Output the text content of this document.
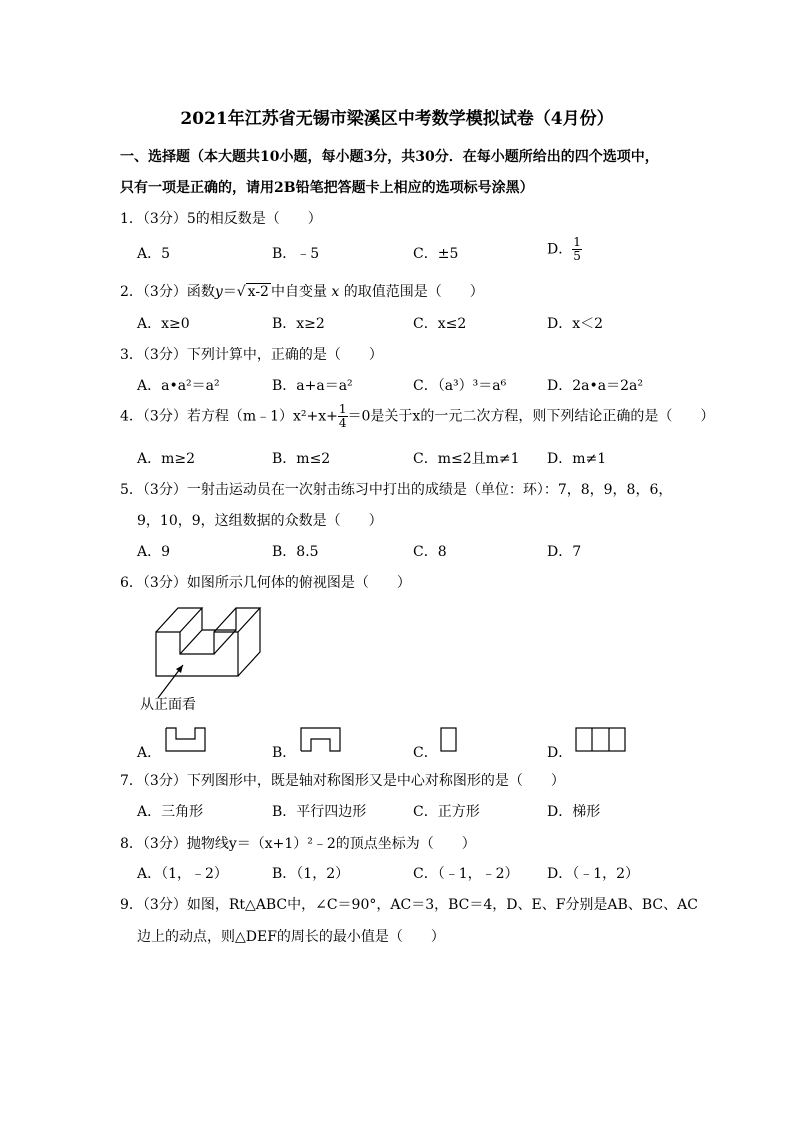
2021年江苏省无锡市梁溪区中考数学模拟试卷（4月份）
一、选择题（本大题共10小题，每小题3分，共30分．在每小题所给出的四个选项中，
只有一项是正确的，请用2B铅笔把答题卡上相应的选项标号涂黑）
1．（3分）5的相反数是（　　）
A．5	B．﹣5	C．±5	D． $\frac{1}{5}$
2．（3分）函数y＝√ x-2 中自变量 x 的取值范围是（　　）
A．x≥0	B．x≥2	C．x≤2	D．x＜2
3．（3分）下列计算中，正确的是（　　）
A．a•a²＝a²	B．a+a＝a²	C．（a³）³＝a⁶	D．2a•a＝2a²
4．（3分）若方程（m﹣1）x²+x+ $\frac{1}{4} =0$是关于x的一元二次方程，则下列结论正确的是（　　）
A．m≥2	B．m≤2	C．m≤2且m≠1 D．m≠1
5．（3分）一射击运动员在一次射击练习中打出的成绩是（单位：环）：7，8，9，8，6，
9，10，9，这组数据的众数是（　　）
A．9	B．8.5	C．8	D．7
6．（3分）如图所示几何体的俯视图是（　　）
从正面看
A．	B．	C．	D．
7．（3分）下列图形中，既是轴对称图形又是中心对称图形的是（　　）
A．三角形	B．平行四边形	C．正方形	D．梯形
8．（3分）抛物线y＝（x+1）²﹣2的顶点坐标为（　　）
A．（1，﹣2）	B．（1，2）	C．（﹣1，﹣2） D．（﹣1，2）
9．（3分）如图，Rt△ABC中，∠C＝90°，AC＝3，BC＝4，D、E、F分别是AB、BC、AC
边上的动点，则△DEF的周长的最小值是（　　）
